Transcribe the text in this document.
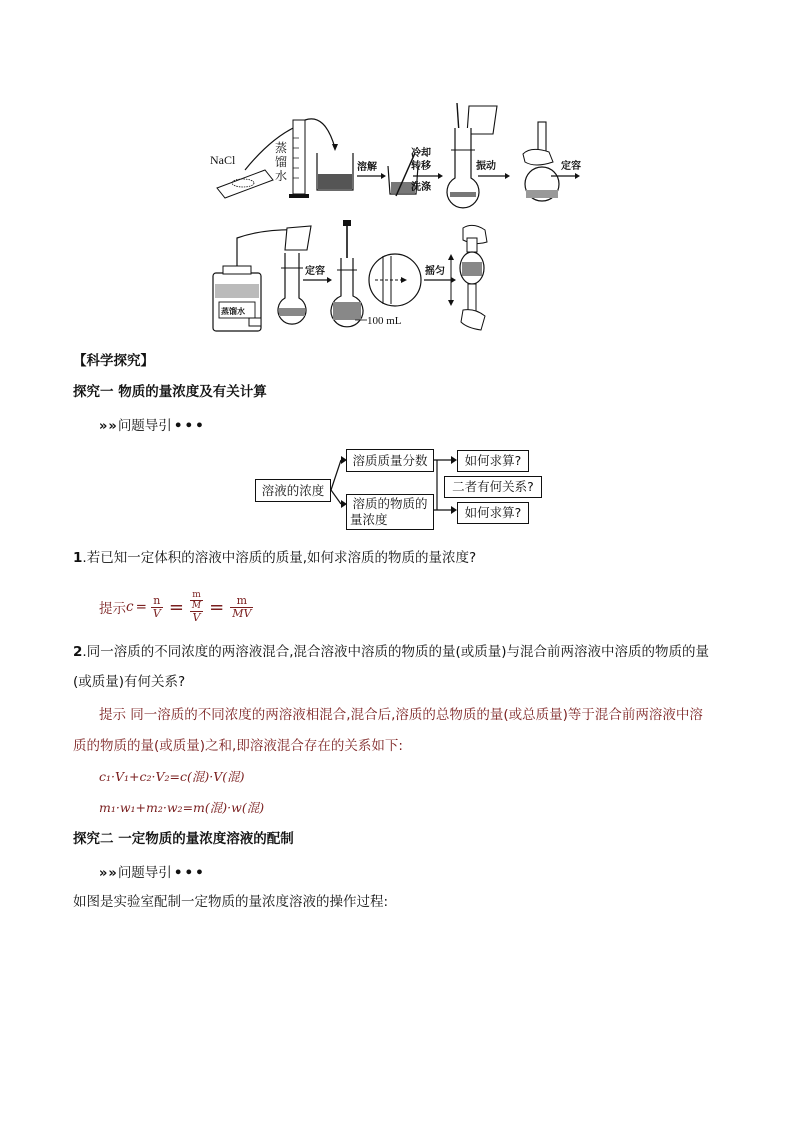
NaCl
蒸
馏
水
溶解
冷却
转移
洗涤
振动	定容
蒸馏水
定容
100 mL
摇匀
【科学探究】
探究一 物质的量浓度及有关计算
» » 问题导引 •••
溶液的浓度
溶质质量分数
溶质的物质的
量浓度
如何求算?
二者有何关系?
如何求算?
1.若已知一定体积的溶液中溶质的质量,如何求溶质的物质的量浓度?
提示 $c = \frac{n}{V} = \frac{\frac{m}{M}}{V} = \frac{m}{MV}$
2.同一溶质的不同浓度的两溶液混合,混合溶液中溶质的物质的量(或质量)与混合前两溶液中溶质的物质的量
(或质量)有何关系?
提示 同一溶质的不同浓度的两溶液相混合,混合后,溶质的总物质的量(或总质量)等于混合前两溶液中溶
质的物质的量(或质量)之和,即溶液混合存在的关系如下:
c₁·V₁+c₂·V₂=c(混)·V(混)
m₁·w₁+m₂·w₂=m(混)·w(混)
探究二 一定物质的量浓度溶液的配制
» » 问题导引 •••
如图是实验室配制一定物质的量浓度溶液的操作过程:
